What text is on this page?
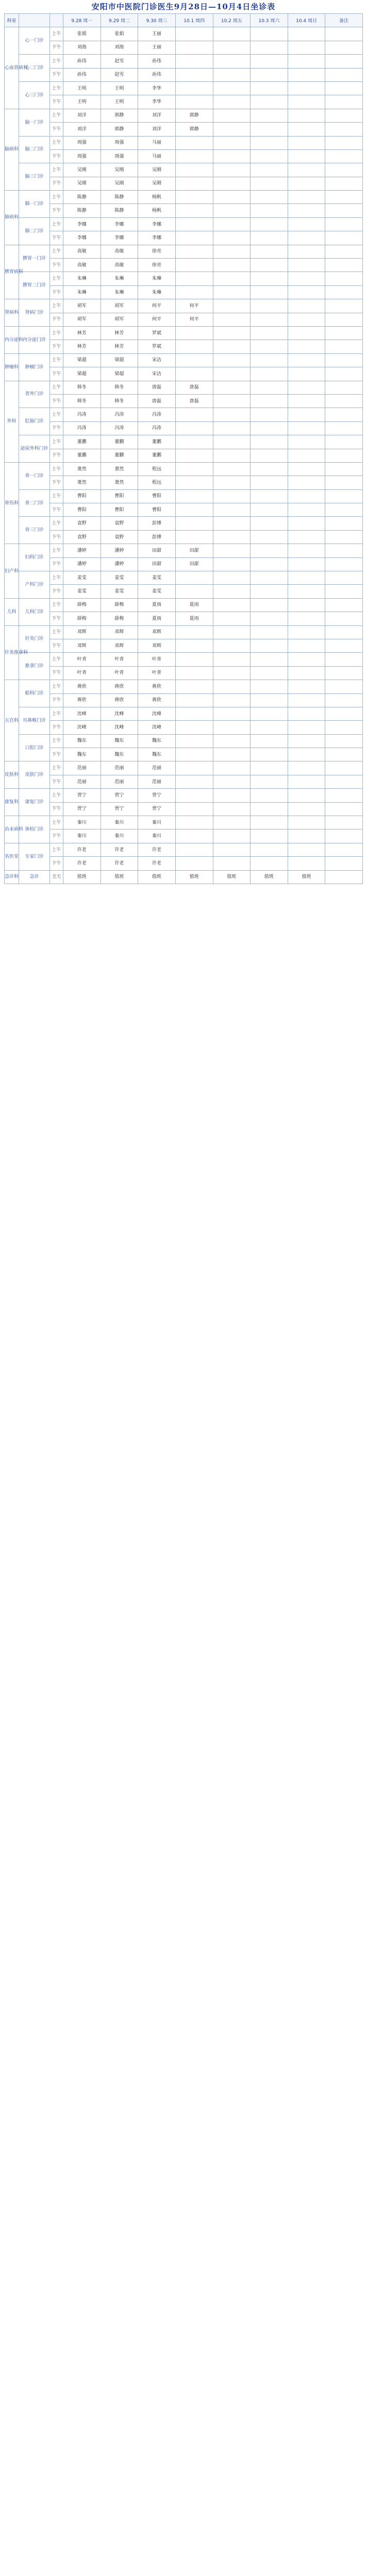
安阳市中医院门诊医生9月28日—10月4日坐诊表
科室			9.28 周一	9.29 周二	9.30 周三	10.1 周四	10.2 周五	10.3 周六	10.4 周日	备注
心血管病科	心一门诊	上午	张娟	张娟	王丽					
		下午	刘海	刘海	王丽					
	心二门诊	上午	孙伟	赵雪	孙伟					
		下午	孙伟	赵雪	孙伟					
	心三门诊	上午	王明	王明	李华					
		下午	王明	王明	李华					
脑病科	脑一门诊	上午	刘洋	郭静	刘洋	郭静				
		下午	刘洋	郭静	刘洋	郭静				
	脑二门诊	上午	周强	周强	马丽					
		下午	周强	周强	马丽					
	脑三门诊	上午	吴刚	吴刚	吴刚					
		下午	吴刚	吴刚	吴刚					
肺病科	肺一门诊	上午	陈静	陈静	杨帆					
		下午	陈静	陈静	杨帆					
	肺二门诊	上午	李娜	李娜	李娜					
		下午	李娜	李娜	李娜					
脾胃病科	脾胃一门诊	上午	高敏	高敏	徐亮					
		下午	高敏	高敏	徐亮					
	脾胃二门诊	上午	朱琳	朱琳	朱琳					
		下午	朱琳	朱琳	朱琳					
肾病科	肾病门诊	上午	胡军	胡军	何平	何平				
		下午	胡军	胡军	何平	何平				
内分泌科	内分泌门诊	上午	林芳	林芳	罗斌					
		下午	林芳	林芳	罗斌					
肿瘤科	肿瘤门诊	上午	梁超	梁超	宋洁					
		下午	梁超	梁超	宋洁					
外科	普外门诊	上午	韩冬	韩冬	唐磊	唐磊				
		下午	韩冬	韩冬	唐磊	唐磊				
	肛肠门诊	上午	冯涛	冯涛	冯涛					
		下午	冯涛	冯涛	冯涛					
	泌尿外科门诊	上午	董鹏	董鹏	董鹏					
		下午	董鹏	董鹏	董鹏					
骨伤科	骨一门诊	上午	萧然	萧然	程远					
		下午	萧然	萧然	程远					
	骨二门诊	上午	曹阳	曹阳	曹阳					
		下午	曹阳	曹阳	曹阳					
	骨三门诊	上午	袁野	袁野	彭博					
		下午	袁野	袁野	彭博					
妇产科	妇科门诊	上午	潘婷	潘婷	田甜	田甜				
		下午	潘婷	潘婷	田甜	田甜				
	产科门诊	上午	姜雯	姜雯	姜雯					
		下午	姜雯	姜雯	姜雯					
儿科	儿科门诊	上午	薛梅	薛梅	夏雨	夏雨				
		下午	薛梅	薛梅	夏雨	夏雨				
针灸推拿科	针灸门诊	上午	邓辉	邓辉	邓辉					
		下午	邓辉	邓辉	邓辉					
	推拿门诊	上午	叶青	叶青	叶青					
		下午	叶青	叶青	叶青					
五官科	眼科门诊	上午	蒋欣	蒋欣	蒋欣					
		下午	蒋欣	蒋欣	蒋欣					
	耳鼻喉门诊	上午	沈峰	沈峰	沈峰					
		下午	沈峰	沈峰	沈峰					
	口腔门诊	上午	魏东	魏东	魏东					
		下午	魏东	魏东	魏东					
皮肤科	皮肤门诊	上午	范丽	范丽	范丽					
		下午	范丽	范丽	范丽					
康复科	康复门诊	上午	贾宁	贾宁	贾宁					
		下午	贾宁	贾宁	贾宁					
治未病科	体检门诊	上午	秦川	秦川	秦川					
		下午	秦川	秦川	秦川					
名医堂	专家门诊	上午	许老	许老	许老					
		下午	许老	许老	许老					
急诊科	急诊	全天	值班	值班	值班	值班	值班	值班	值班	
